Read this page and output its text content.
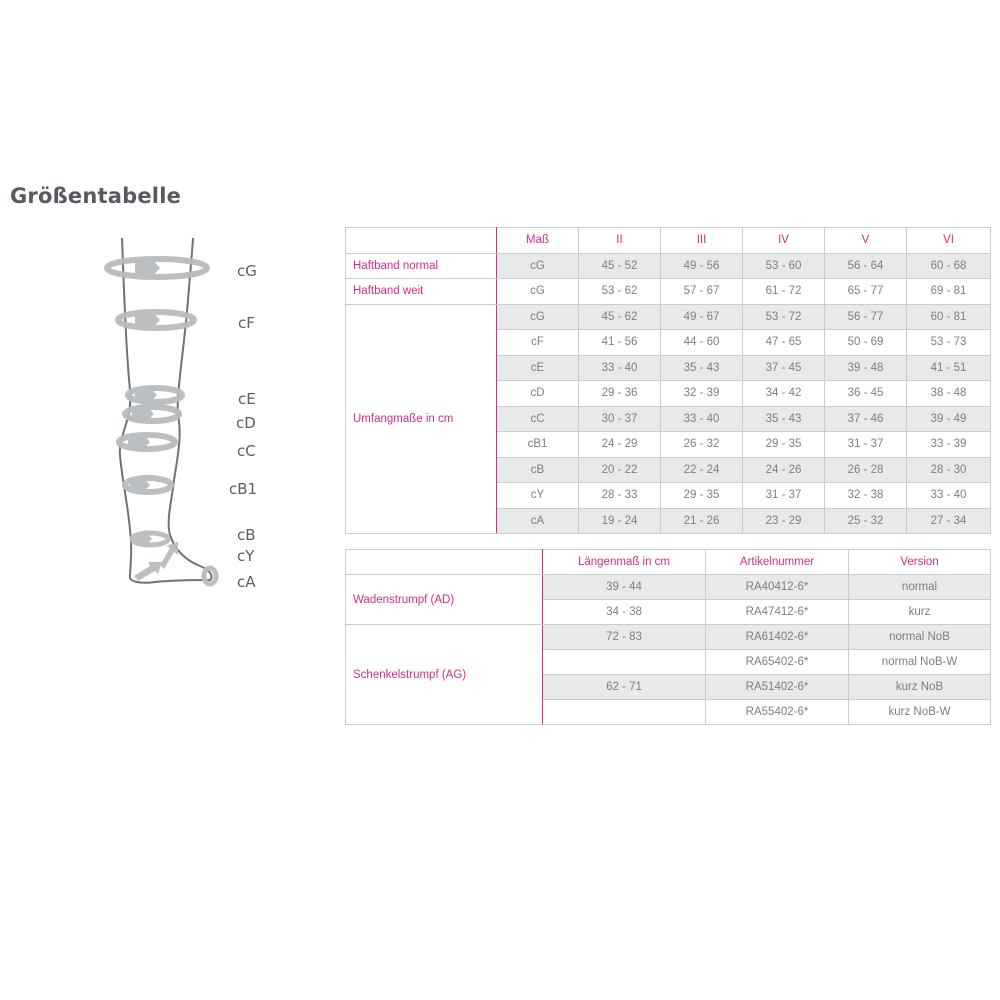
Größentabelle
cG
cF
cE
cD
cC
cB1
cB
cY
cA
	Maß	II	III	IV	V	VI
Haftband normal	cG	45 - 52	49 - 56	53 - 60	56 - 64	60 - 68
Haftband weit	cG	53 - 62	57 - 67	61 - 72	65 - 77	69 - 81
Umfangmaße in cm	cG	45 - 62	49 - 67	53 - 72	56 - 77	60 - 81
	cF	41 - 56	44 - 60	47 - 65	50 - 69	53 - 73
	cE	33 - 40	35 - 43	37 - 45	39 - 48	41 - 51
	cD	29 - 36	32 - 39	34 - 42	36 - 45	38 - 48
	cC	30 - 37	33 - 40	35 - 43	37 - 46	39 - 49
	cB1	24 - 29	26 - 32	29 - 35	31 - 37	33 - 39
	cB	20 - 22	22 - 24	24 - 26	26 - 28	28 - 30
	cY	28 - 33	29 - 35	31 - 37	32 - 38	33 - 40
	cA	19 - 24	21 - 26	23 - 29	25 - 32	27 - 34
	Längenmaß in cm	Artikelnummer	Version
Wadenstrumpf (AD)	39 - 44	RA40412-6*	normal
	34 - 38	RA47412-6*	kurz
Schenkelstrumpf (AG)	72 - 83	RA61402-6*	normal NoB
		RA65402-6*	normal NoB-W
	62 - 71	RA51402-6*	kurz NoB
		RA55402-6*	kurz NoB-W
